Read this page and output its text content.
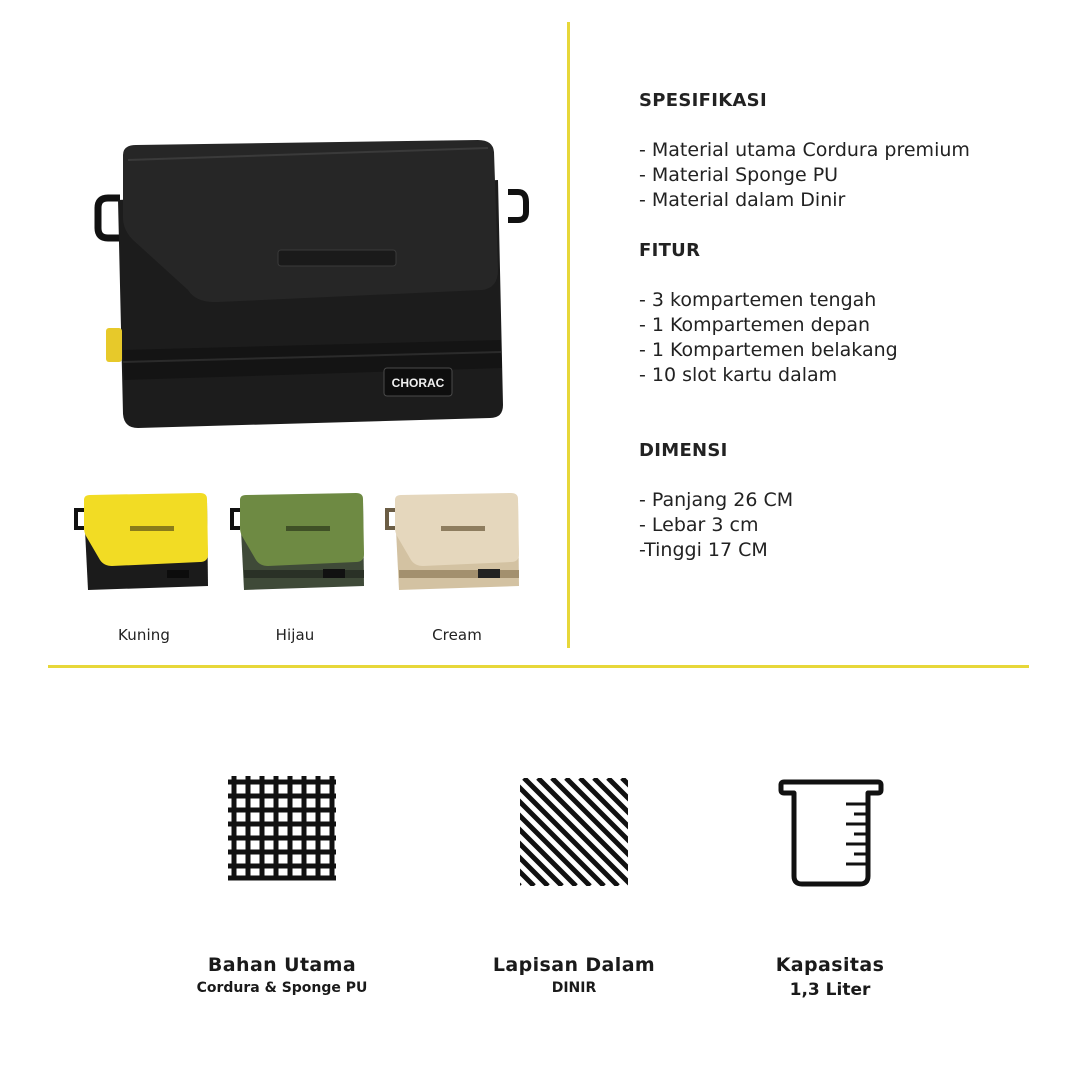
CHORAC
Kuning	Hijau	Cream
SPESIFIKASI
- Material utama Cordura premium
- Material Sponge PU
- Material dalam Dinir
FITUR
- 3 kompartemen tengah
- 1 Kompartemen depan
- 1 Kompartemen belakang
- 10 slot kartu dalam
DIMENSI
- Panjang 26 CM
- Lebar 3 cm
-Tinggi 17 CM
Bahan Utama
Cordura & Sponge PU
Lapisan Dalam
DINIR
Kapasitas
1,3 Liter
